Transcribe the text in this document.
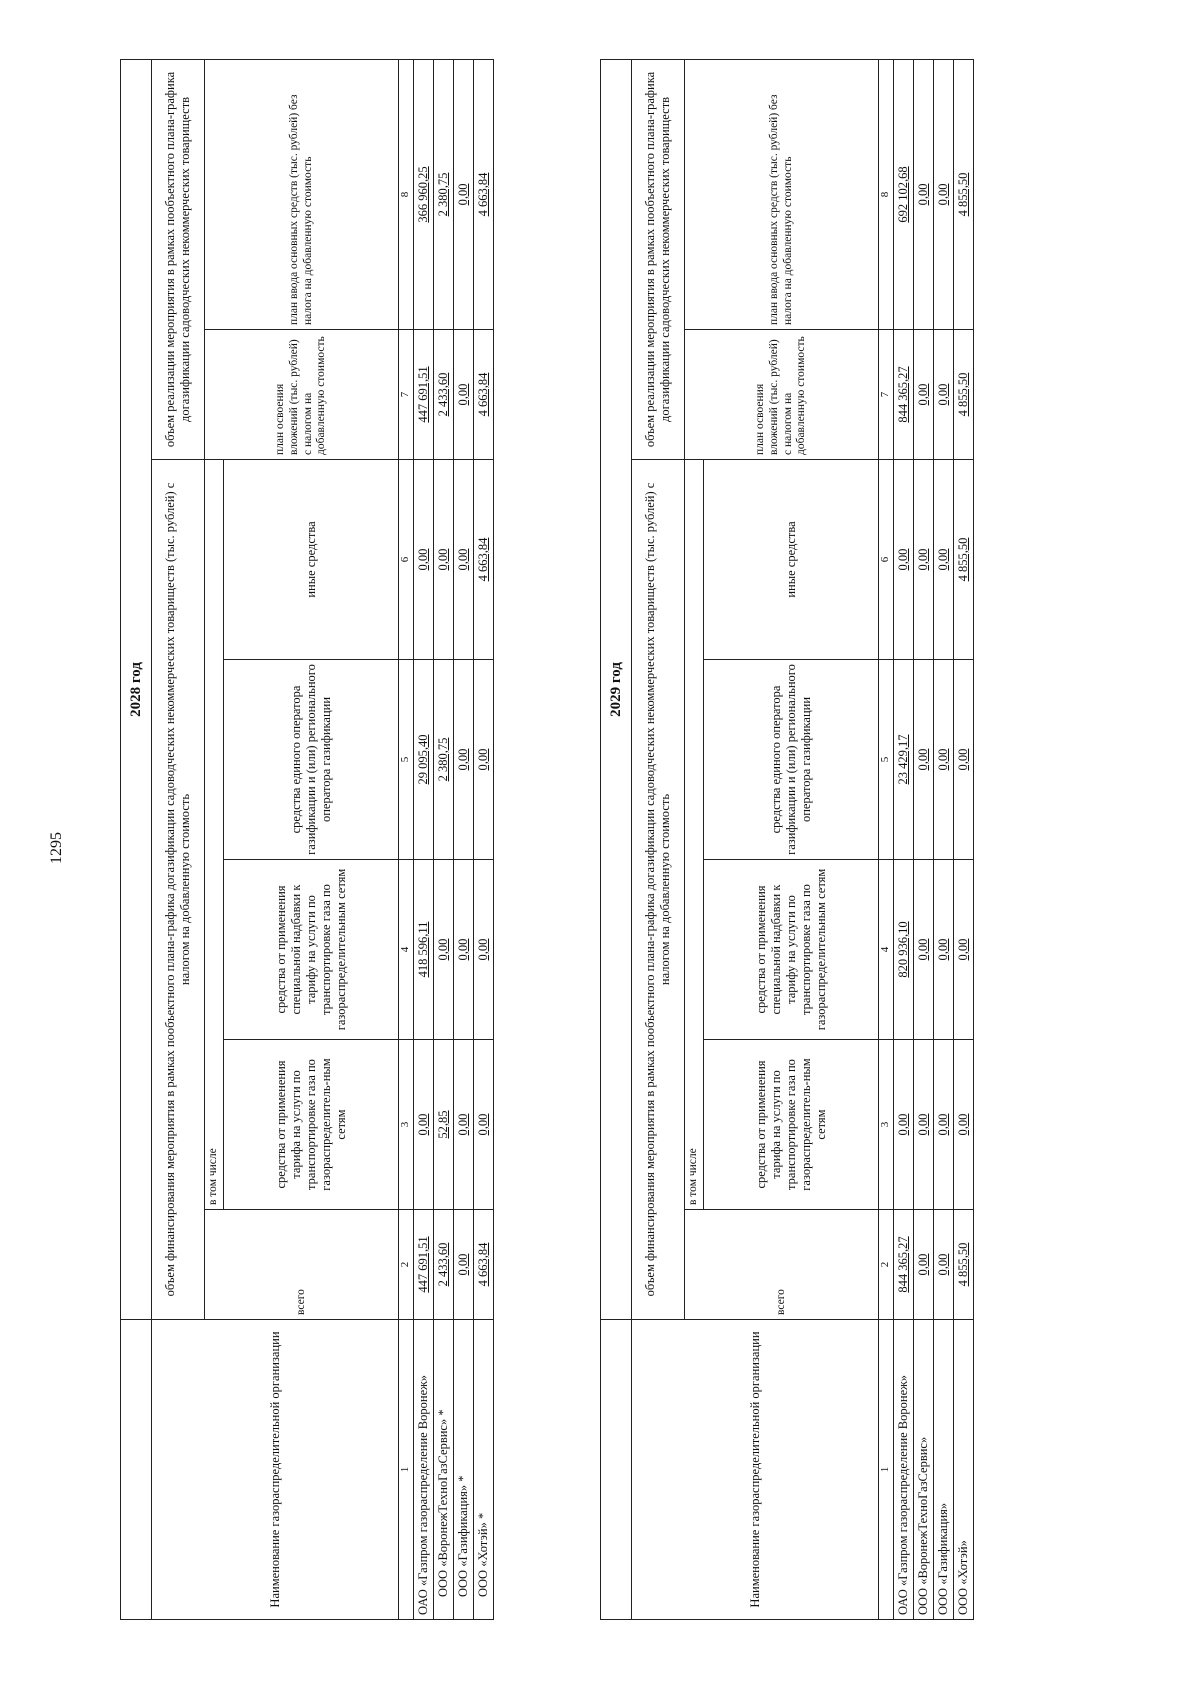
1295
	2028 год						
Наименование газораспределительной организации	объем финансирования мероприятия в рамках пообъектного плана-графика догазификации садоводческих некоммерческих товариществ (тыс. рублей) с налогом на добавленную стоимость					объем реализации мероприятия в рамках пообъектного плана-графика догазификации садоводческих некоммерческих товариществ	
	всего	в том числе				план освоения вложений (тыс. рублей) с налогом на добавленную стоимость	план ввода основных средств (тыс. рублей) без налога на добавленную стоимость
		средства от применения тарифа на услуги по транспортировке газа по газораспределитель-ным сетям	средства от применения специальной надбавки к тарифу на услуги по транспортировке газа по газораспределительным сетям	средства единого оператора газификации и (или) регионального оператора газификации	иные средства		
1	2	3	4	5	6	7	8
ОАО «Газпром газораспределение Воронеж»	447 691,51	0,00	418 596,11	29 095,40	0,00	447 691,51	366 960,25
ООО «ВоронежТехноГазСервис» *	2 433,60	52,85	0,00	2 380,75	0,00	2 433,60	2 380,75
ООО «Газификация» *	0,00	0,00	0,00	0,00	0,00	0,00	0,00
ООО «Хотэй» *	4 663,84	0,00	0,00	0,00	4 663,84	4 663,84	4 663,84
	2029 год						
Наименование газораспределительной организации	объем финансирования мероприятия в рамках пообъектного плана-графика догазификации садоводческих некоммерческих товариществ (тыс. рублей) с налогом на добавленную стоимость					объем реализации мероприятия в рамках пообъектного плана-графика догазификации садоводческих некоммерческих товариществ	
	всего	в том числе				план освоения вложений (тыс. рублей) с налогом на добавленную стоимость	план ввода основных средств (тыс. рублей) без налога на добавленную стоимость
		средства от применения тарифа на услуги по транспортировке газа по газораспределитель-ным сетям	средства от применения специальной надбавки к тарифу на услуги по транспортировке газа по газораспределительным сетям	средства единого оператора газификации и (или) регионального оператора газификации	иные средства		
1	2	3	4	5	6	7	8
ОАО «Газпром газораспределение Воронеж»	844 365,27	0,00	820 936,10	23 429,17	0,00	844 365,27	692 102,68
ООО «ВоронежТехноГазСервис»	0,00	0,00	0,00	0,00	0,00	0,00	0,00
ООО «Газификация»	0,00	0,00	0,00	0,00	0,00	0,00	0,00
ООО «Хотэй»	4 855,50	0,00	0,00	0,00	4 855,50	4 855,50	4 855,50
